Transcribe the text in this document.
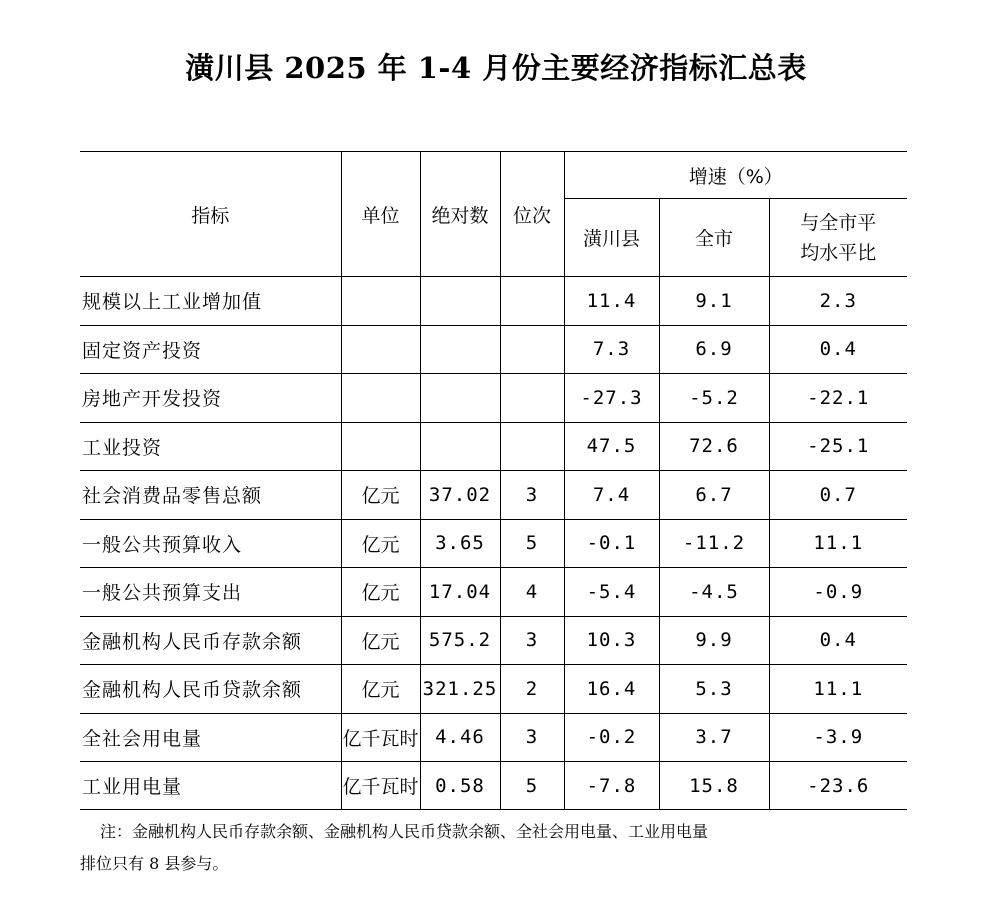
潢川县 2025 年 1-4 月份主要经济指标汇总表
指标	单位	绝对数	位次	增速（%）		
				潢川县	全市	与全市平
均水平比

规模以上工业增加值				11.4	9.1	2.3
固定资产投资				7.3	6.9	0.4
房地产开发投资				-27.3	-5.2	-22.1
工业投资				47.5	72.6	-25.1
社会消费品零售总额	亿元	37.02	3	7.4	6.7	0.7
一般公共预算收入	亿元	3.65	5	-0.1	-11.2	11.1
一般公共预算支出	亿元	17.04	4	-5.4	-4.5	-0.9
金融机构人民币存款余额	亿元	575.2	3	10.3	9.9	0.4
金融机构人民币贷款余额	亿元	321.25	2	16.4	5.3	11.1
全社会用电量	亿千瓦时	4.46	3	-0.2	3.7	-3.9
工业用电量	亿千瓦时	0.58	5	-7.8	15.8	-23.6
注：金融机构人民币存款余额、金融机构人民币贷款余额、全社会用电量、工业用电量
排位只有 8 县参与。
